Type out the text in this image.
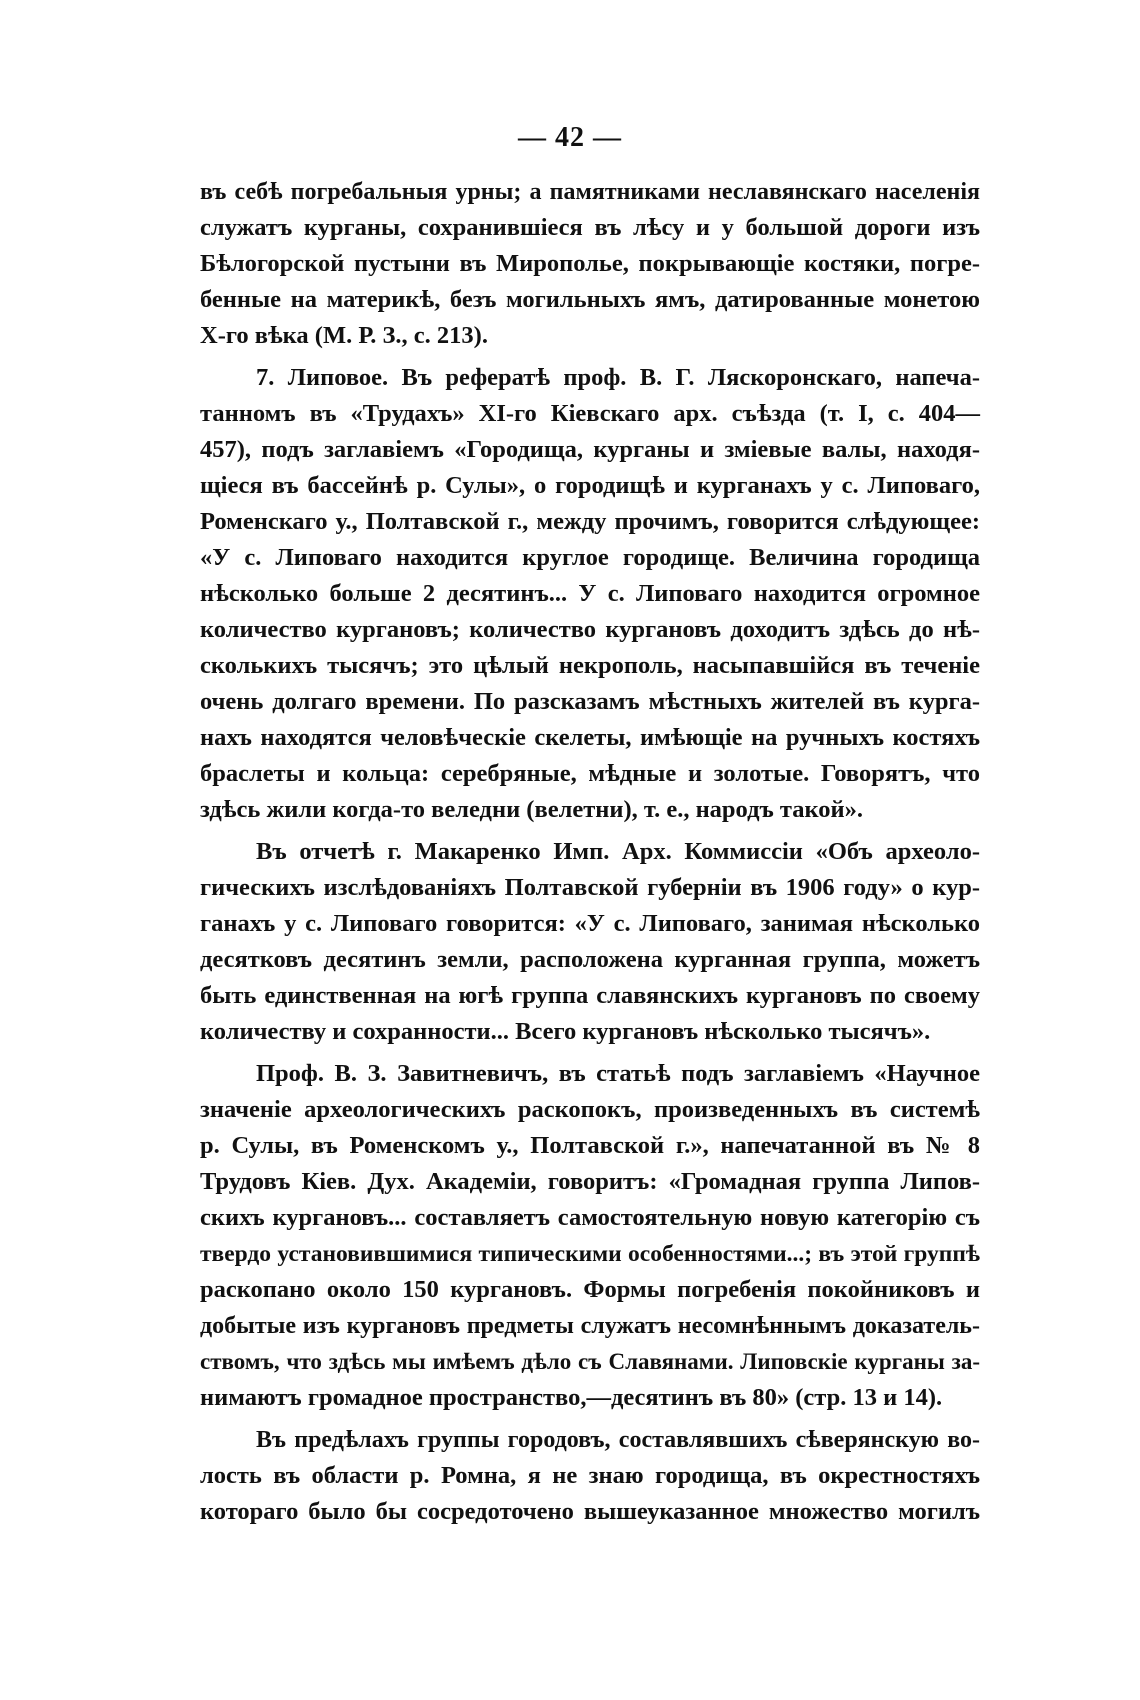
— 42 —
въ себѣ погребальныя урны; а памятниками неславянскаго населенія
служатъ курганы, сохранившіеся въ лѣсу и у большой дороги изъ
Бѣлогорской пустыни въ Мирополье, покрывающіе костяки, погре-
бенные на материкѣ, безъ могильныхъ ямъ, датированные монетою
Х-го вѣка (М. Р. З., с. 213).
7. Липовое. Въ рефератѣ проф. В. Г. Ляскоронскаго, напеча-
танномъ въ «Трудахъ» ХІ-го Кіевскаго арх. съѣзда (т. I, с. 404—
457), подъ заглавіемъ «Городища, курганы и зміевые валы, находя-
щіеся въ бассейнѣ р. Сулы», о городищѣ и курганахъ у с. Липоваго,
Роменскаго у., Полтавской г., между прочимъ, говорится слѣдующее:
«У с. Липоваго находится круглое городище. Величина городища
нѣсколько больше 2 десятинъ... У с. Липоваго находится огромное
количество кургановъ; количество кургановъ доходитъ здѣсь до нѣ-
сколькихъ тысячъ; это цѣлый некрополь, насыпавшійся въ теченіе
очень долгаго времени. По разсказамъ мѣстныхъ жителей въ курга-
нахъ находятся человѣческіе скелеты, имѣющіе на ручныхъ костяхъ
браслеты и кольца: серебряные, мѣдные и золотые. Говорятъ, что
здѣсь жили когда-то веледни (велетни), т. е., народъ такой».
Въ отчетѣ г. Макаренко Имп. Арх. Коммиссіи «Объ археоло-
гическихъ изслѣдованіяхъ Полтавской губерніи въ 1906 году» о кур-
ганахъ у с. Липоваго говорится: «У с. Липоваго, занимая нѣсколько
десятковъ десятинъ земли, расположена курганная группа, можетъ
быть единственная на югѣ группа славянскихъ кургановъ по своему
количеству и сохранности... Всего кургановъ нѣсколько тысячъ».
Проф. В. З. Завитневичъ, въ статьѣ подъ заглавіемъ «Научное
значеніе археологическихъ раскопокъ, произведенныхъ въ системѣ
р. Сулы, въ Роменскомъ у., Полтавской г.», напечатанной въ № 8
Трудовъ Кіев. Дух. Академіи, говоритъ: «Громадная группа Липов-
скихъ кургановъ... составляетъ самостоятельную новую категорію съ
твердо установившимися типическими особенностями...; въ этой группѣ
раскопано около 150 кургановъ. Формы погребенія покойниковъ и
добытые изъ кургановъ предметы служатъ несомнѣннымъ доказатель-
ствомъ, что здѣсь мы имѣемъ дѣло съ Славянами. Липовскіе курганы за-
нимаютъ громадное пространство,—десятинъ въ 80» (стр. 13 и 14).
Въ предѣлахъ группы городовъ, составлявшихъ сѣверянскую во-
лость въ области р. Ромна, я не знаю городища, въ окрестностяхъ
котораго было бы сосредоточено вышеуказанное множество могилъ
